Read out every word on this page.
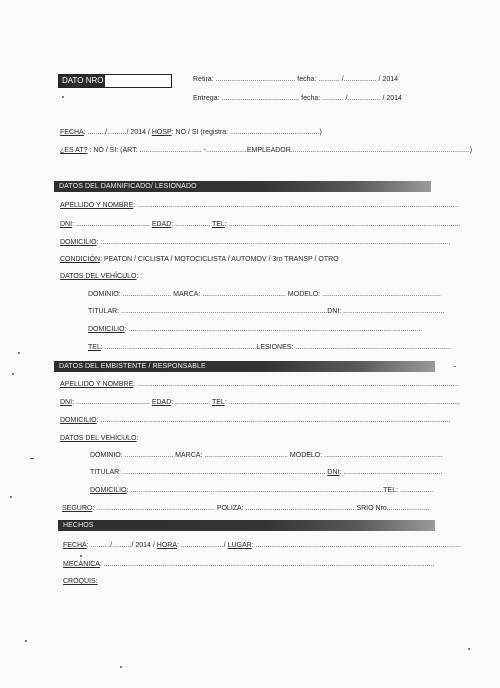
DATO NRO	Retira: ......................................... fecha: ........... /................. / 2014
Entrega: ........................................ fecha: ........... /................. / 2014
FECHA: ........./........../ 2014 / HOSP: NO / SI (registra: ..............................................)
¿ES AT? : NO / SI: (ART: ................................ -.....................EMPLEADOR............................................................................................)
DATOS DEL DAMNIFICADO/ LESIONADO
APELLIDO Y NOMBRE: .....................................................................................................................................................................
DNI: ...................................... EDAD: .................. TEL: .......................................................................................................................
DOMICILIO: ....................................................................................................................................................................................
CONDICIÓN: PEATON / CICLISTA / MOTOCICLISTA / AUTOMOV / 3ro TRANSP / OTRO
DATOS DEL VEHÍCULO:
DOMINIO: ......................... MARCA: ........................................... MODELO: .............................................................
TITULAR: ..........................................................................................................DNI: ....................................................
DOMICILIO: .......................................................................................................................................................
TEL: ..............................................................................LESIONES: ................................................................................
DATOS DEL EMBISTENTE / RESPONSABLE
APELLIDO Y NOMBRE: .....................................................................................................................................................................
DNI: ...................................... EDAD: .................. TEL: .......................................................................................................................
DOMICILIO: ....................................................................................................................................................................................
DATOS DEL VEHÍCULO:
DOMINIO: ......................... MARCA: ........................................... MODELO: .............................................................
TITULAR: ........................................................................................................ DNI: ...................................................
DOMICILIO: ..................................................................................................................................TEL: .................
SEGURO: ............................................................. POLIZA: ........................................................ SRIO Nro......................
HECHOS
FECHA: ........../........../ 2014 / HORA: ....................../ LUGAR: ..........................................................................................................
MECÁNICA: ..........................................................................................................................................................................
CROQUIS:
